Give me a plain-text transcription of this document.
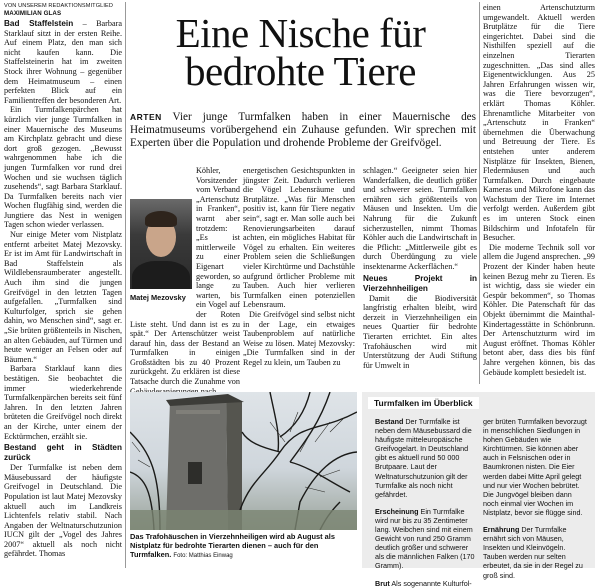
VON UNSEREM REDAKTIONSMITGLIED
MAXIMILIAN GLAS

Bad Staffelstein – Barbara Starklauf sitzt in der ersten Reihe. Auf einem Platz, den man sich nicht kaufen kann. Die Staffelsteinerin hat im zweiten Stock ihrer Wohnung – gegenüber dem Heimatmuseum – einen perfekten Blick auf ein Familientreffen der besonderen Art.

Ein Turmfalkenpärchen hat kürzlich vier junge Turmfalken in einer Mauernische des Museums am Kirchplatz gebracht und diese dort groß gezogen. „Bewusst wahrgenommen habe ich die jungen Turmfalken vor rund drei Wochen und sie wuchsen täglich zusehends“, sagt Barbara Starklauf. Da Turmfalken bereits nach vier Wochen flugfähig sind, werden die Jungtiere das Nest in wenigen Tagen schon wieder verlassen.

Nur einige Meter vom Nistplatz entfernt arbeitet Matej Mezovsky. Er ist im Amt für Landwirtschaft in Bad Staffelstein als Wildlebensraumberater angestellt. Auch ihm sind die jungen Greifvögel in den letzten Tagen aufgefallen. „Turmfalken sind Kulturfolger, sprich sie gehen dahin, wo Menschen sind“, sagt er. „Sie brüten größtenteils in Nischen, an alten Gebäuden, auf Türmen und heute weniger an Felsen oder auf Bäumen.“

Barbara Starklauf kann dies bestätigen. Sie beobachtet die immer wiederkehrende Turmfalkenpärchen bereits seit fünf Jahren. In den letzten Jahren brüteten die Greifvögel noch direkt an der Kirche, unter einem der Ecktürmchen, erzählt sie.

Bestand geht in Städten zurück

Der Turmfalke ist neben dem Mäusebussard der häufigste Greifvogel in Deutschland. Die Population ist laut Matej Mezovsky aktuell auch im Landkreis Lichtenfels relativ stabil. Nach Angaben der Weltnaturschutzunion IUCN gilt der „Vogel des Jahres 2007“ aktuell als noch nicht gefährdet. Thomas

Eine Nische für
bedrohte Tiere
ARTEN Vier junge Turmfalken haben in einer Mauernische des Heimatmuseums vorübergehend ein Zuhause gefunden. Wir sprechen mit Experten über die Population und drohende Probleme der Greifvögel.
Matej Mezovsky

Köhler, Vorsitzender vom Verband „Artenschutz in Franken“, warnt aber trotzdem: „Es ist mittlerweile zu einer Eigenart geworden, so lange zu warten, bis ein Vogel auf der Roten Liste steht. Und dann ist es zu spät.“ Der Artenschützer weist darauf hin, dass der Bestand an Turmfalken in einigen Großstädten bis zu 40 Prozent zurückgeht. Zu erklären ist diese Tatsache durch die Zunahme von

energetischen Gesichtspunkten in jüngster Zeit. Dadurch verlieren die Vögel Lebensräume und Brutplätze. „Was für Menschen positiv ist, kann für Tiere negativ sein“, sagt er. Man solle auch bei Renovierungsarbeiten darauf achten, ein mögliches Habitat für Vögel zu erhalten. Ein weiteres Problem seien die Schließungen vieler Kirchtürme und Dachstühle aufgrund örtlicher Probleme mit Tauben. Auch hier verlieren Turmfalken einen potenziellen Lebensraum.

Die Greifvögel sind selbst nicht in der Lage, ein etwaiges Taubenproblem auf natürliche Weise zu lösen. Matej Mezovsky: „Die Turmfalken sind in der Regel zu klein, um Tauben zu

schlagen.“ Geeigneter seien hier Wanderfalken, die deutlich größer und schwerer seien. Turmfalken ernähren sich größtenteils von Mäusen und Insekten. Um die Nahrung für die Zukunft sicherzustellen, nimmt Thomas Köhler auch die Landwirtschaft in die Pflicht: „Mittlerweile gibt es durch Überdüngung zu viele insektenarme Ackerflächen.“

Neues Projekt in Vierzehnheiligen

Damit die Biodiversität langfristig erhalten bleibt, wird derzeit in Vierzehnheiligen ein neues Quartier für bedrohte Tierarten errichtet. Ein altes Trafohäuschen wird mit Unterstützung der Audi Stiftung für Umwelt in

einen Artenschutzturm umgewandelt. Aktuell werden Brutplätze für die Tiere eingerichtet. Dabei sind die Nisthilfen speziell auf die einzelnen Tierarten zugeschnitten. „Das sind alles Eigenentwicklungen. Aus 25 Jahren Erfahrungen wissen wir, was die Tiere bevorzugen“, erklärt Thomas Köhler. Ehrenamtliche Mitarbeiter von „Artenschutz in Franken“ übernehmen die Überwachung und Betreuung der Tiere. Es entstehen unter anderem Nistplätze für Insekten, Bienen, Fledermäusen und auch Turmfalken. Durch eingebaute Kameras und Mikrofone kann das Wachstum der Tiere im Internet verfolgt werden. Außerdem gibt es im unteren Stock einen Bildschirm und Infotafeln für Besucher.

Die moderne Technik soll vor allem die Jugend ansprechen. „99 Prozent der Kinder haben heute keinen Bezug mehr zu Tieren. Es ist wichtig, dass sie wieder ein Gespür bekommen“, so Thomas Köhler. Die Patenschaft für das Objekt übernimmt die Mainthal-Kindertagesstätte in Schönbrunn. Der Artenschutzturm wird im August eröffnet. Thomas Köhler betont aber, dass dies bis fünf Jahre vergehen können, bis das Gebäude komplett besiedelt ist.

Das Trafohäuschen in Vierzehnheiligen wird ab August als Nistplatz für bedrohte Tierarten dienen – auch für den Turmfalken. Foto: Matthias Einwag
Turmfalken im Überblick

Bestand Der Turmfalke ist neben dem Mäusebussard die häufigste mitteleuropäische Greifvogelart. In Deutschland gibt es aktuell rund 50 000 Brutpaare. Laut der Weltnaturschutzunion gilt der Turmfalke als noch nicht gefährdet.

Erscheinung Ein Turmfalke wird nur bis zu 35 Zentimeter lang. Weibchen sind mit einem Gewicht von rund 250 Gramm deutlich größer und schwerer als die männlichen Falken (170 Gramm).

Brut Als sogenannte Kulturfol-

ger brüten Turmfalken bevorzugt in menschlichen Siedlungen in hohen Gebäuden wie Kirchtürmen. Sie können aber auch in Felsnischen oder in Baumkronen nisten. Die Eier werden dabei Mitte April gelegt und nur vier Wochen bebrütet. Die Jungvögel bleiben dann noch einmal vier Wochen im Nistplatz, bevor sie flügge sind.

Ernährung Der Turmfalke ernährt sich von Mäusen, Insekten und Kleinvögeln. Tauben werden nur selten erbeutet, da sie in der Regel zu groß sind.
